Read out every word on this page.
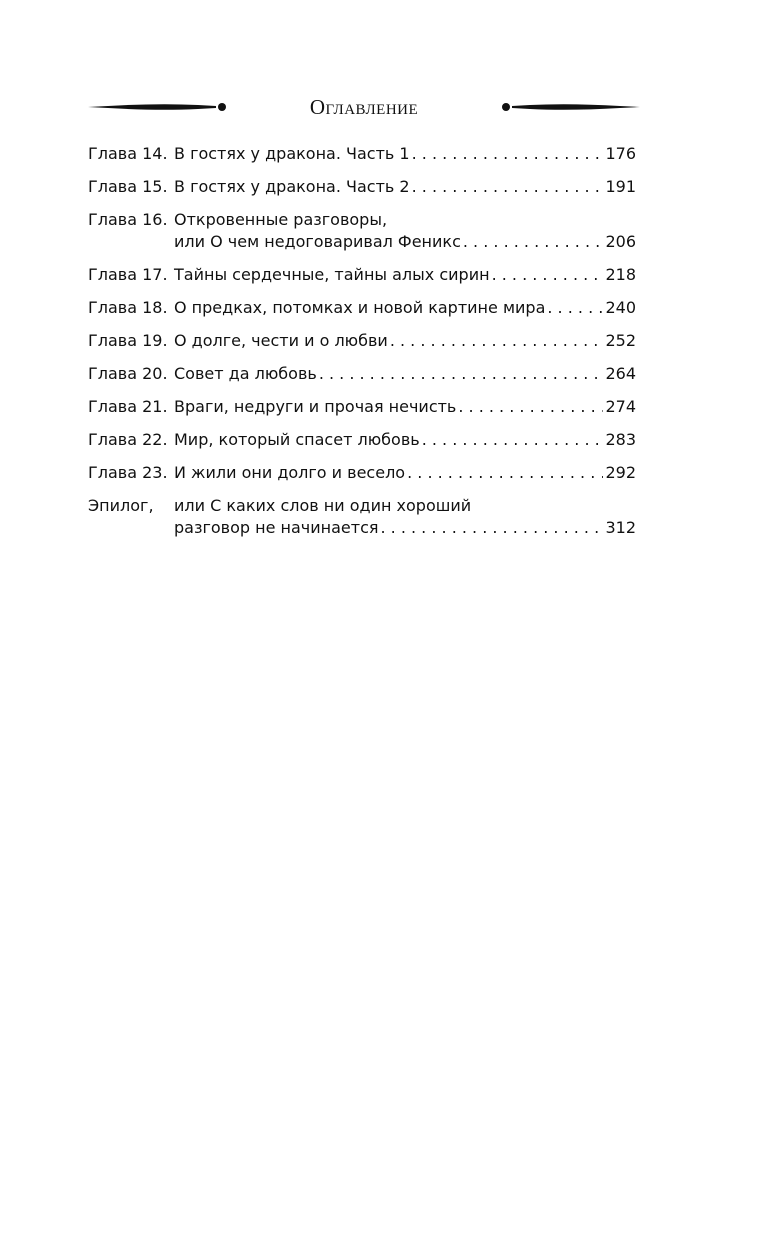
Оглавление
Глава 14. В гостях у дракона. Часть 1 . . .	176
Глава 15. В гостях у дракона. Часть 2 . . .	191
Глава 16. Откровенные разговоры,
или О чем недоговаривал Феникс . . .	206
Глава 17. Тайны сердечные, тайны алых сирин . . .	218
Глава 18. О предках, потомках и новой картине мира . . .	240
Глава 19. О долге, чести и о любви . . .	252
Глава 20. Совет да любовь . . .	264
Глава 21. Враги, недруги и прочая нечисть . . .	274
Глава 22. Мир, который спасет любовь . . .	283
Глава 23. И жили они долго и весело . . .	292
Эпилог,	или С каких слов ни один хороший
разговор не начинается . . .	312
